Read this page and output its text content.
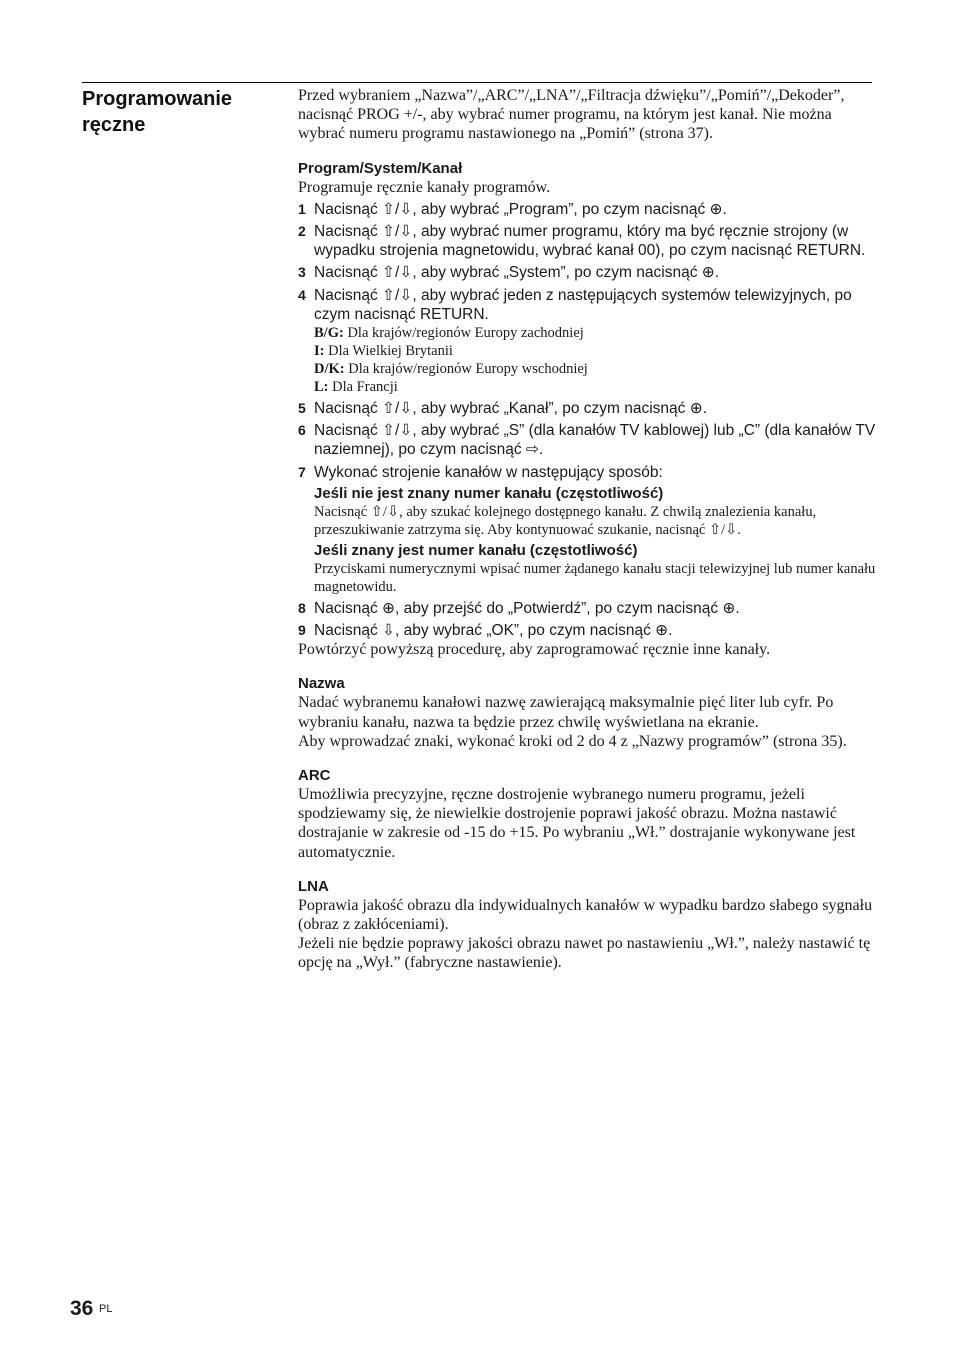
Programowanie ręczne

Przed wybraniem „Nazwa”/„ARC”/„LNA”/„Filtracja dźwięku”/„Pomiń”/„Dekoder”, nacisnąć PROG +/-, aby wybrać numer programu, na którym jest kanał. Nie można wybrać numeru programu nastawionego na „Pomiń” (strona 37).

Program/System/Kanał

Programuje ręcznie kanały programów.

1 Nacisnąć ⇧/⇩, aby wybrać „Program”, po czym nacisnąć ⊕.
2 Nacisnąć ⇧/⇩, aby wybrać numer programu, który ma być ręcznie strojony (w wypadku strojenia magnetowidu, wybrać kanał 00), po czym nacisnąć RETURN.
3 Nacisnąć ⇧/⇩, aby wybrać „System”, po czym nacisnąć ⊕.
4 Nacisnąć ⇧/⇩, aby wybrać jeden z następujących systemów telewizyjnych, po czym nacisnąć RETURN.
B/G: Dla krajów/regionów Europy zachodniej
I: Dla Wielkiej Brytanii
D/K: Dla krajów/regionów Europy wschodniej
L: Dla Francji
5 Nacisnąć ⇧/⇩, aby wybrać „Kanał”, po czym nacisnąć ⊕.
6 Nacisnąć ⇧/⇩, aby wybrać „S” (dla kanałów TV kablowej) lub „C” (dla kanałów TV naziemnej), po czym nacisnąć ⇨.
7 Wykonać strojenie kanałów w następujący sposób:
Jeśli nie jest znany numer kanału (częstotliwość)
Nacisnąć ⇧/⇩, aby szukać kolejnego dostępnego kanału. Z chwilą znalezienia kanału, przeszukiwanie zatrzyma się. Aby kontynuować szukanie, nacisnąć ⇧/⇩.
Jeśli znany jest numer kanału (częstotliwość)
Przyciskami numerycznymi wpisać numer żądanego kanału stacji telewizyjnej lub numer kanału magnetowidu.
8 Nacisnąć ⊕, aby przejść do „Potwierdź”, po czym nacisnąć ⊕.
9 Nacisnąć ⇩, aby wybrać „OK”, po czym nacisnąć ⊕.

Powtórzyć powyższą procedurę, aby zaprogramować ręcznie inne kanały.

Nazwa

Nadać wybranemu kanałowi nazwę zawierającą maksymalnie pięć liter lub cyfr. Po wybraniu kanału, nazwa ta będzie przez chwilę wyświetlana na ekranie.

Aby wprowadzać znaki, wykonać kroki od 2 do 4 z „Nazwy programów” (strona 35).

ARC

Umożliwia precyzyjne, ręczne dostrojenie wybranego numeru programu, jeżeli spodziewamy się, że niewielkie dostrojenie poprawi jakość obrazu. Można nastawić dostrajanie w zakresie od -15 do +15. Po wybraniu „Wł.” dostrajanie wykonywane jest automatycznie.

LNA

Poprawia jakość obrazu dla indywidualnych kanałów w wypadku bardzo słabego sygnału (obraz z zakłóceniami).

Jeżeli nie będzie poprawy jakości obrazu nawet po nastawieniu „Wł.”, należy nastawić tę opcję na „Wył.” (fabryczne nastawienie).

36 PL
